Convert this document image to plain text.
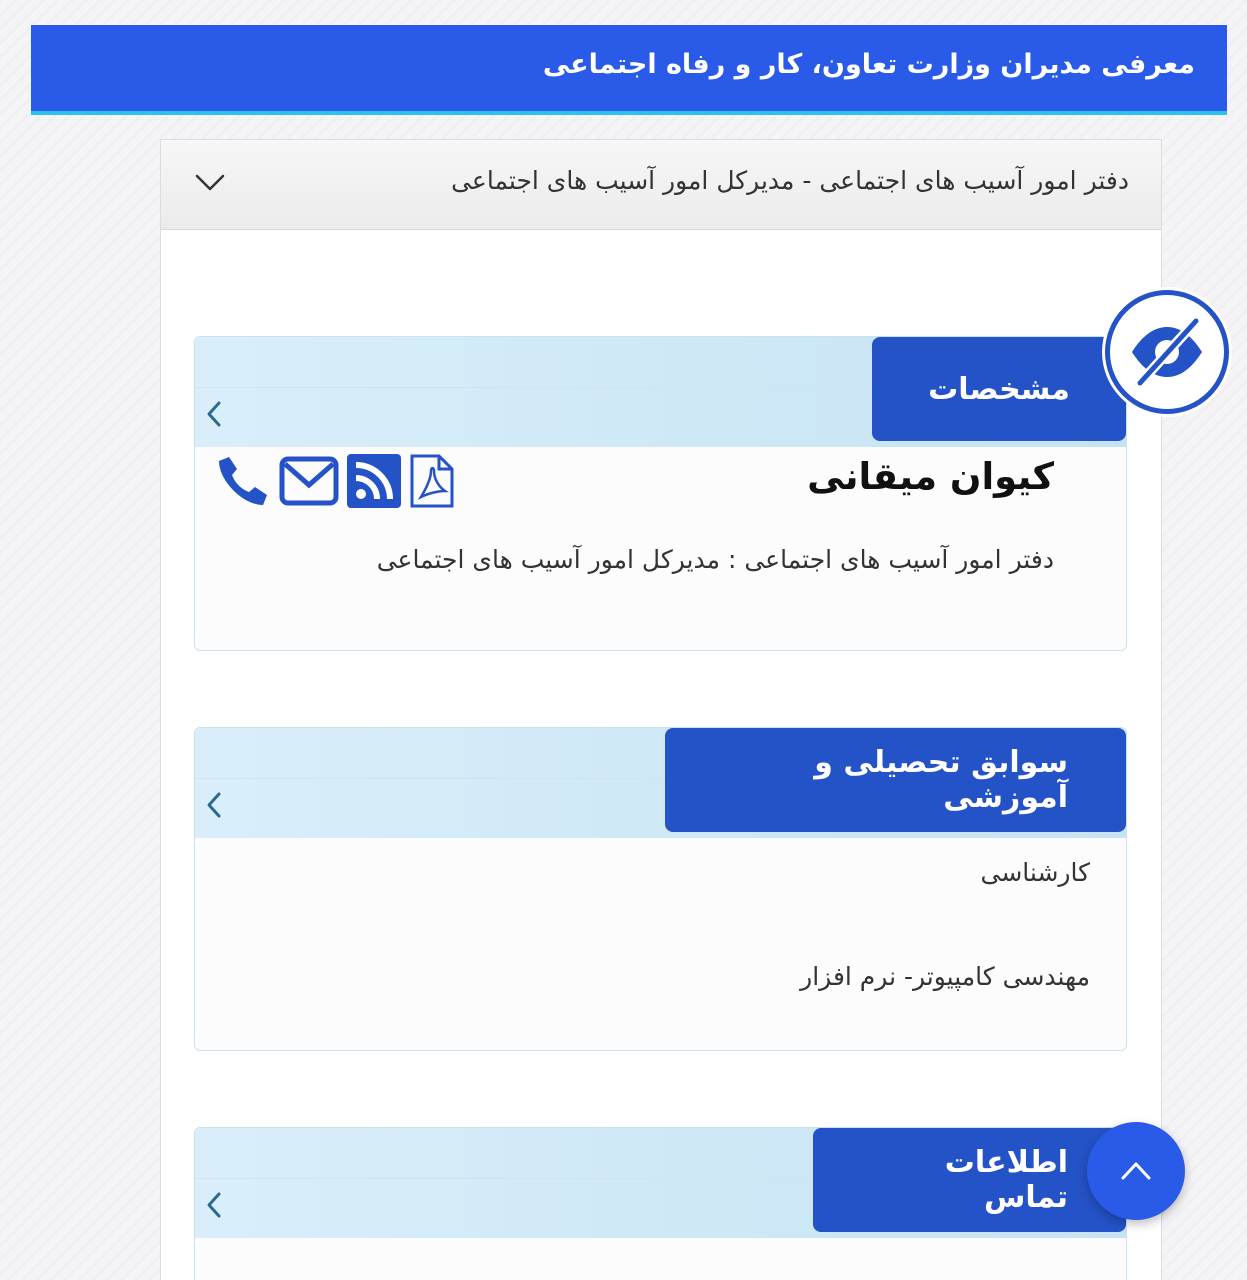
معرفی مدیران وزارت تعاون، کار و رفاه اجتماعی
دفتر امور آسیب های اجتماعی - مدیرکل امور آسیب های اجتماعی
مشخصات
کیوان میقانی
دفتر امور آسیب های اجتماعی : مدیرکل امور آسیب های اجتماعی
سوابق تحصیلی و آموزشی
کارشناسی
مهندسی کامپیوتر- نرم افزار
اطلاعات تماس
